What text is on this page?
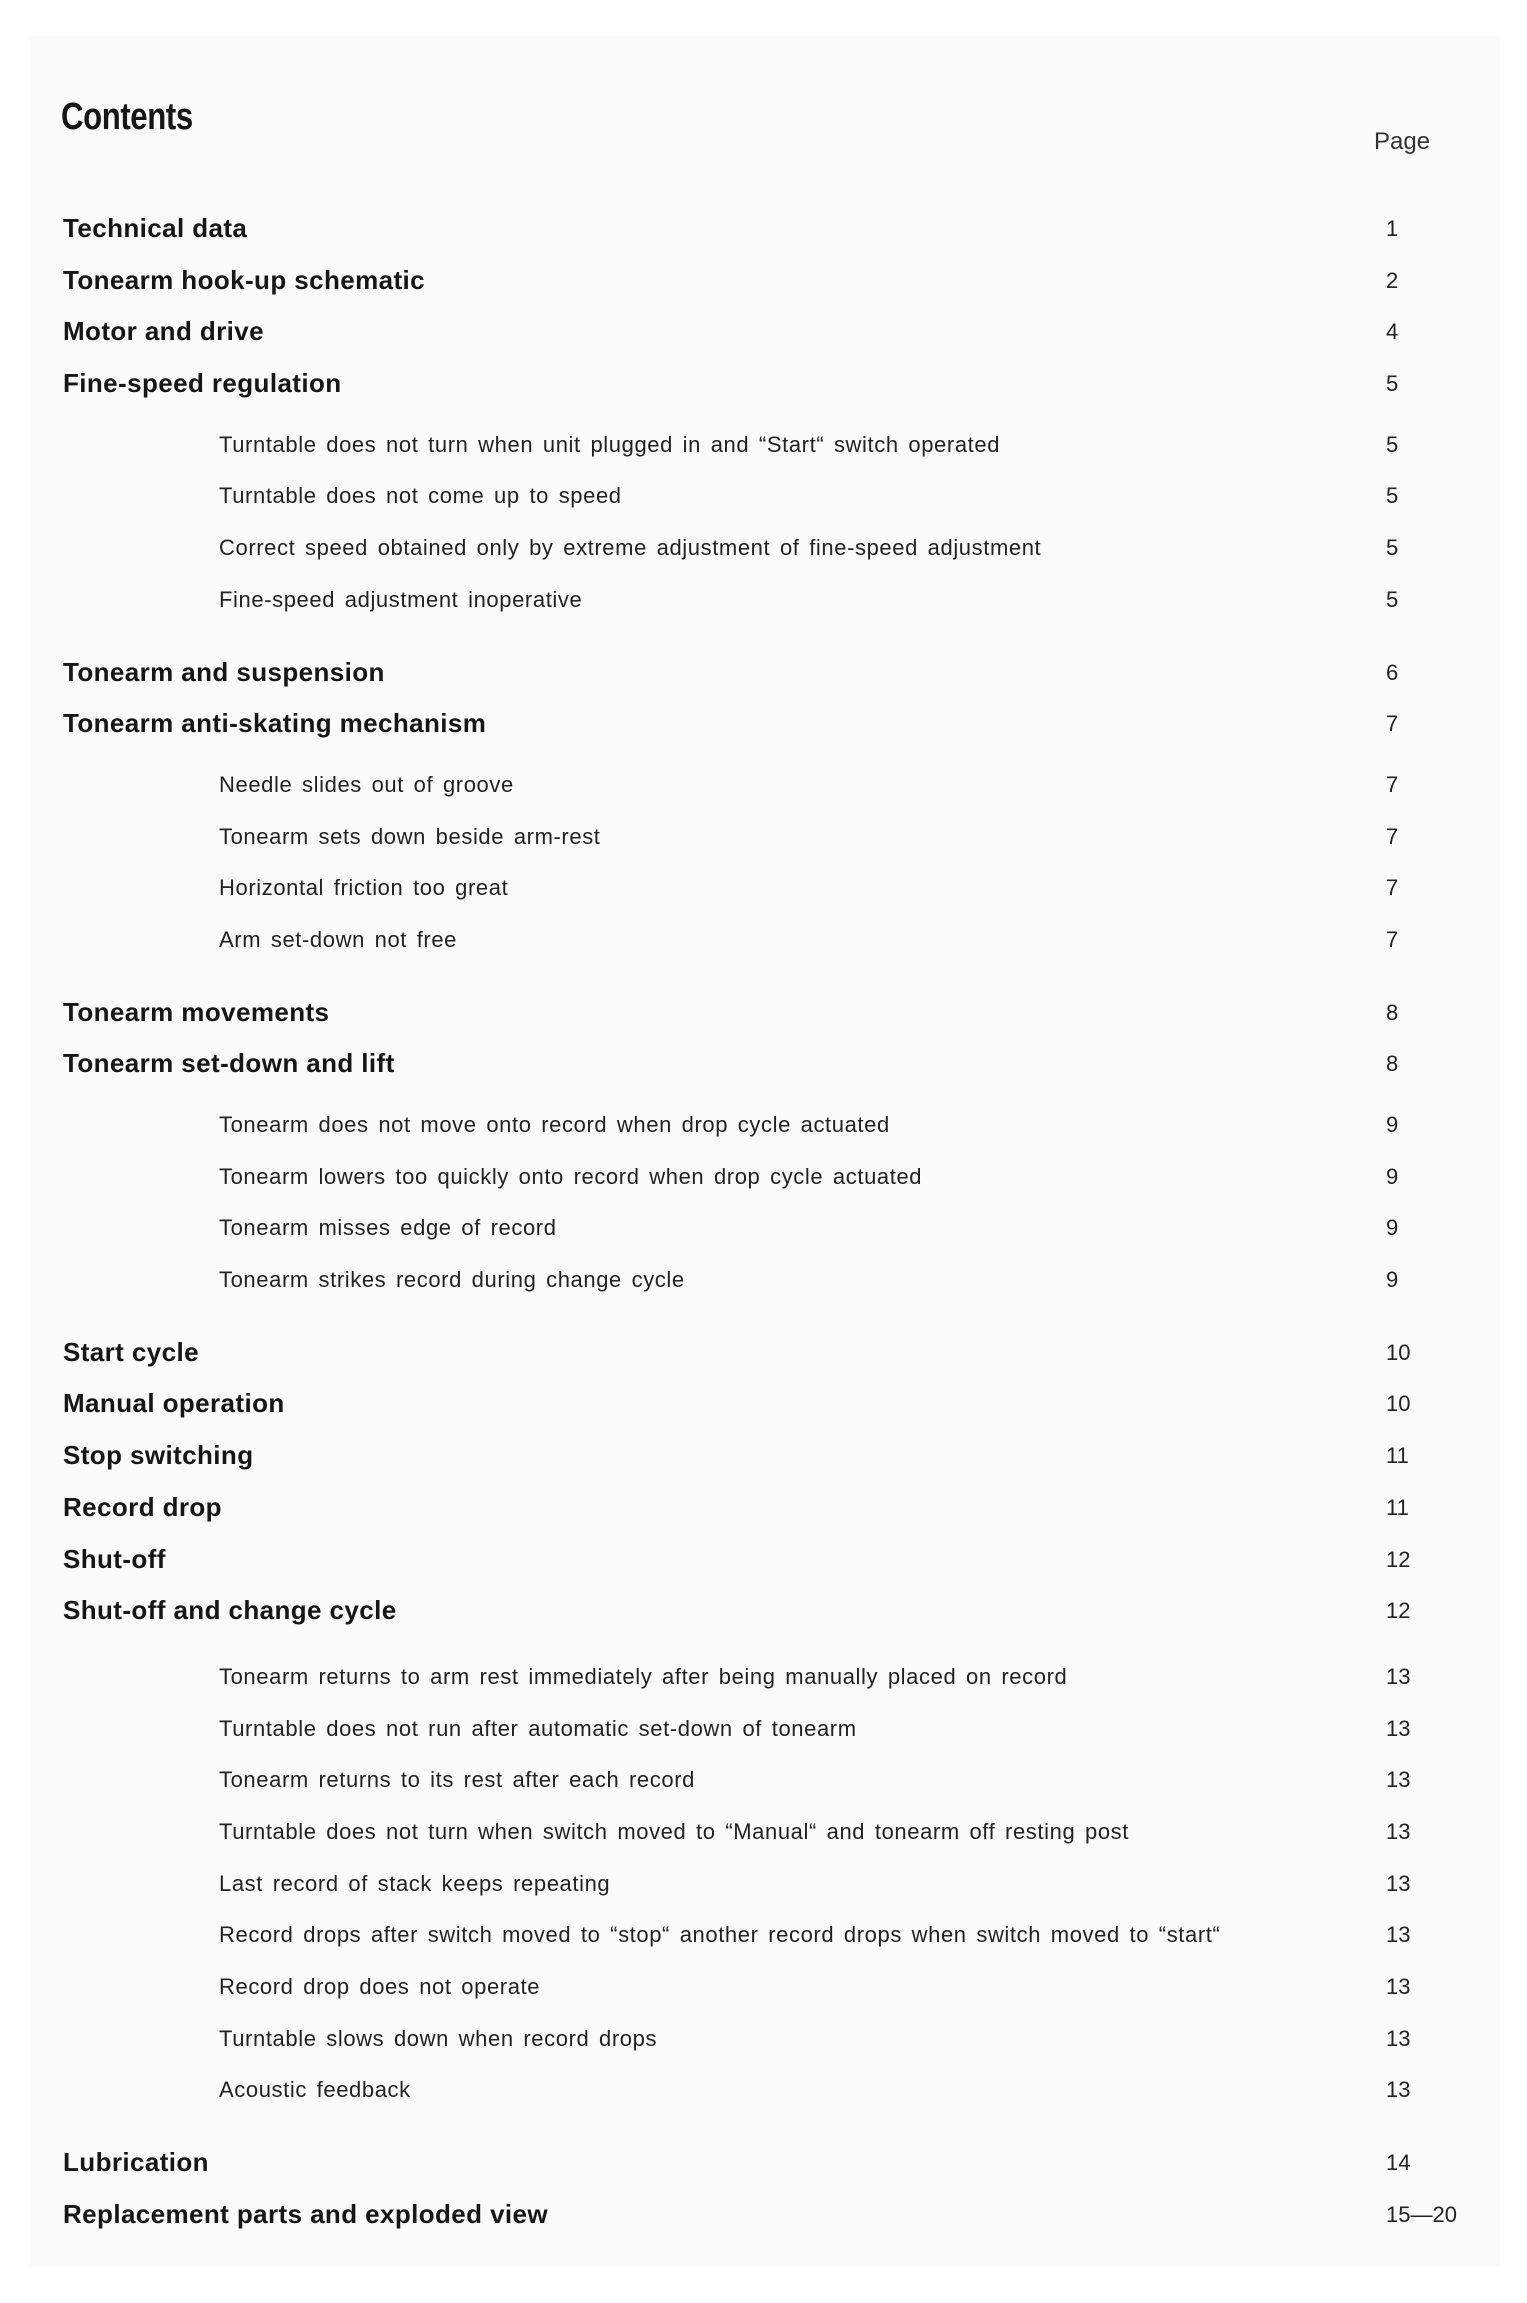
Contents
Page
Technical data	1
Tonearm hook-up schematic	2
Motor and drive	4
Fine-speed regulation	5
Turntable does not turn when unit plugged in and “Start“ switch operated	5
Turntable does not come up to speed	5
Correct speed obtained only by extreme adjustment of fine-speed adjustment	5
Fine-speed adjustment inoperative	5
Tonearm and suspension	6
Tonearm anti-skating mechanism	7
Needle slides out of groove	7
Tonearm sets down beside arm-rest	7
Horizontal friction too great	7
Arm set-down not free	7
Tonearm movements	8
Tonearm set-down and lift	8
Tonearm does not move onto record when drop cycle actuated	9
Tonearm lowers too quickly onto record when drop cycle actuated	9
Tonearm misses edge of record	9
Tonearm strikes record during change cycle	9
Start cycle	10
Manual operation	10
Stop switching	11
Record drop	11
Shut-off	12
Shut-off and change cycle	12
Tonearm returns to arm rest immediately after being manually placed on record	13
Turntable does not run after automatic set-down of tonearm	13
Tonearm returns to its rest after each record	13
Turntable does not turn when switch moved to “Manual“ and tonearm off resting post	13
Last record of stack keeps repeating	13
Record drops after switch moved to “stop“ another record drops when switch moved to “start“	13
Record drop does not operate	13
Turntable slows down when record drops	13
Acoustic feedback	13
Lubrication	14
Replacement parts and exploded view	15—20
